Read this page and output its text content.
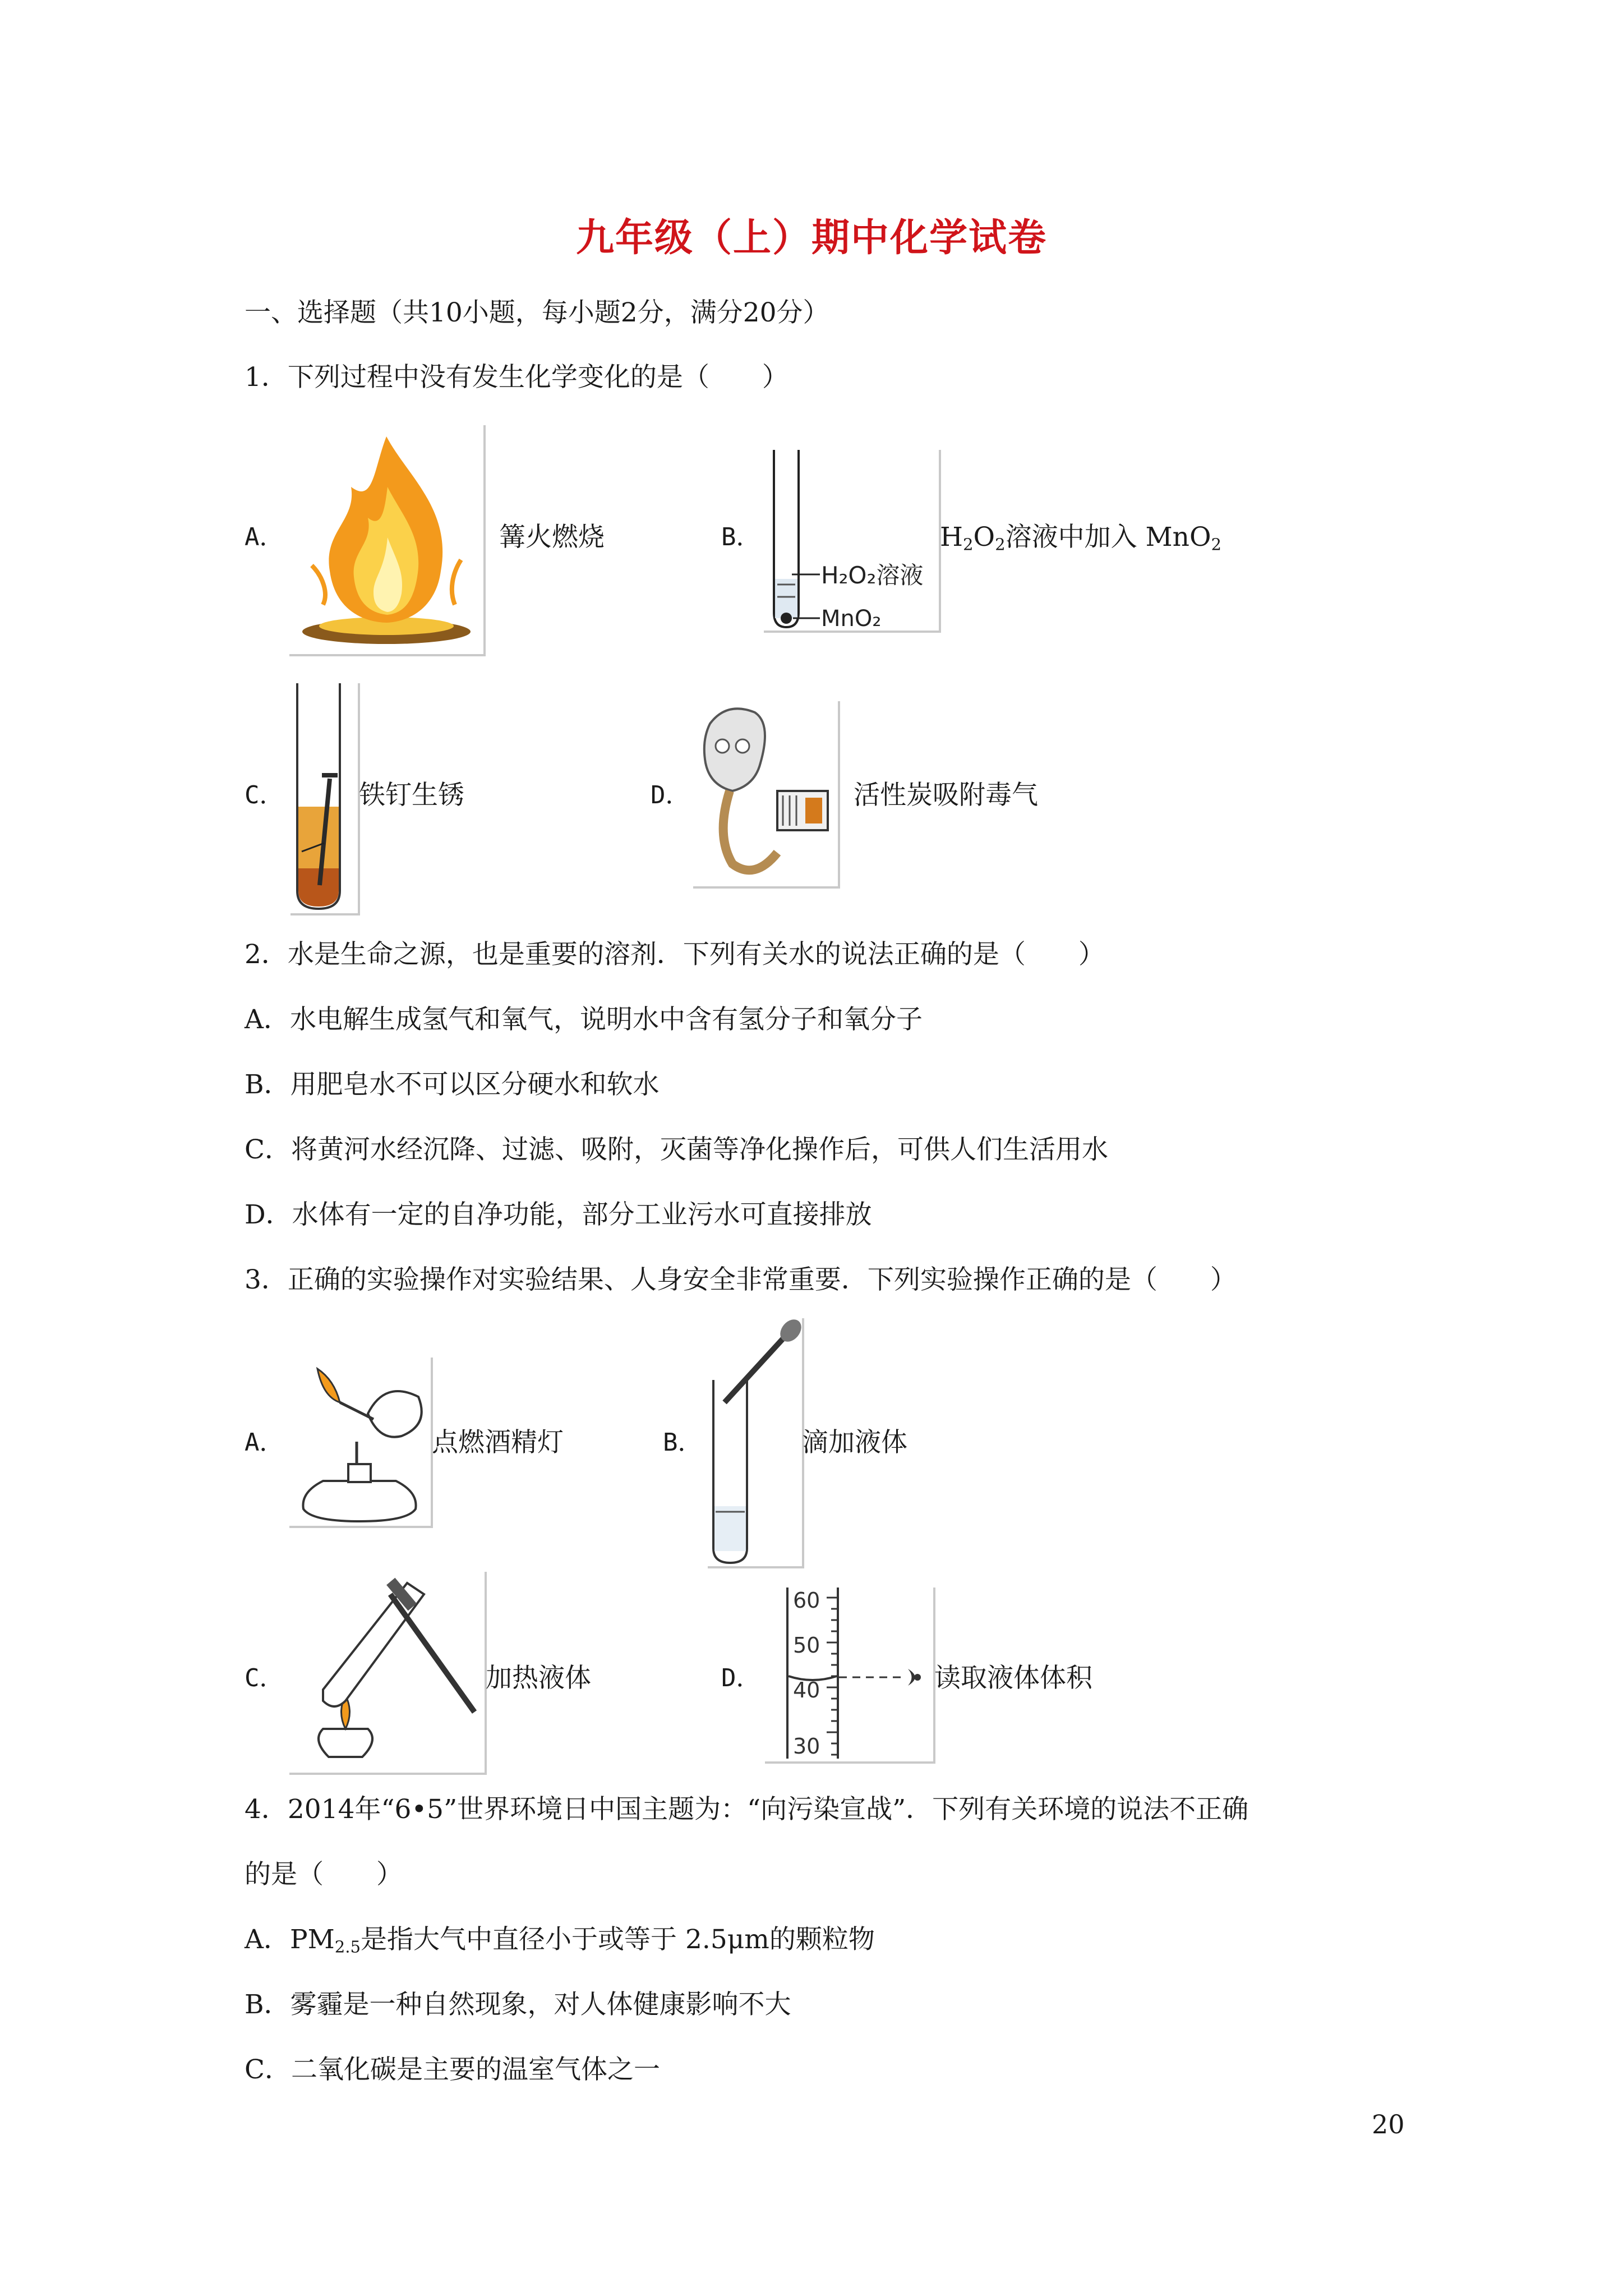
九年级（上）期中化学试卷
一、选择题（共10小题，每小题2分，满分20分）
1．下列过程中没有发生化学变化的是（　　）
A．	篝火燃烧	B．
H₂O₂溶液
MnO₂
$H_2O_2$溶液中加入 MnO$_2$
C．	铁钉生锈	D．	活性炭吸附毒气
2．水是生命之源，也是重要的溶剂．下列有关水的说法正确的是（　　）
A．水电解生成氢气和氧气，说明水中含有氢分子和氧分子
B．用肥皂水不可以区分硬水和软水
C．将黄河水经沉降、过滤、吸附，灭菌等净化操作后，可供人们生活用水
D．水体有一定的自净功能，部分工业污水可直接排放
3．正确的实验操作对实验结果、人身安全非常重要．下列实验操作正确的是（　　）
A．	点燃酒精灯	B．	滴加液体
C．	加热液体	D．
60
50
40
30
读取液体体积
4．2014年“6•5”世界环境日中国主题为：“向污染宣战”．下列有关环境的说法不正确
的是（　　）
A．$PM_{2.5}$是指大气中直径小于或等于 2.5μm的颗粒物
B．雾霾是一种自然现象，对人体健康影响不大
C．二氧化碳是主要的温室气体之一
20
